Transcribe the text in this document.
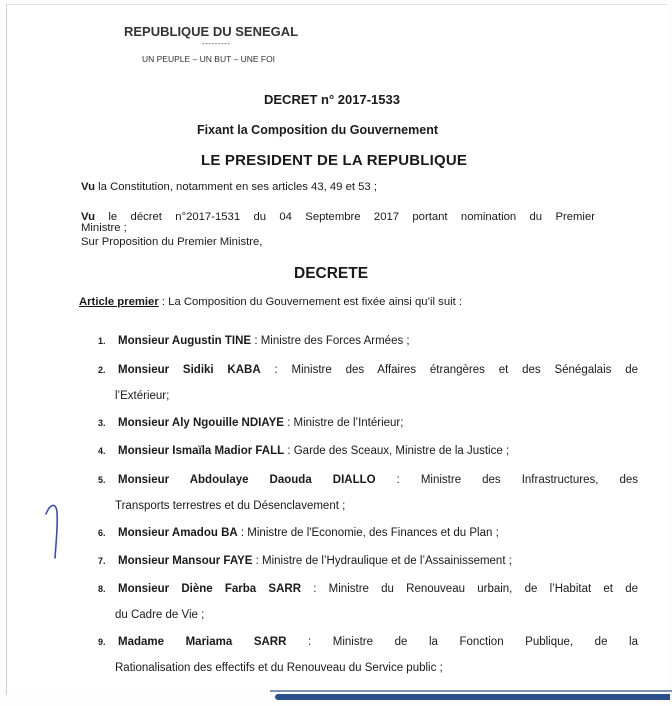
REPUBLIQUE DU SENEGAL
---------
UN PEUPLE – UN BUT – UNE FOI
DECRET n° 2017-1533
Fixant la Composition du Gouvernement
LE PRESIDENT DE LA REPUBLIQUE
Vu la Constitution, notamment en ses articles 43, 49 et 53 ;
Vu le décret n°2017-1531 du 04 Septembre 2017 portant nomination du Premier
Ministre ;
Sur Proposition du Premier Ministre,
DECRETE
Article premier : La Composition du Gouvernement est fixée ainsi qu’il suit :
1. Monsieur Augustin TINE : Ministre des Forces Armées ;
2. Monsieur Sidiki KABA : Ministre des Affaires étrangères et des Sénégalais de
l’Extérieur;
3. Monsieur Aly Ngouille NDIAYE : Ministre de l’Intérieur;
4. Monsieur Ismaïla Madior FALL : Garde des Sceaux, Ministre de la Justice ;
5. Monsieur Abdoulaye Daouda DIALLO : Ministre des Infrastructures, des
Transports terrestres et du Désenclavement ;
6. Monsieur Amadou BA : Ministre de l'Economie, des Finances et du Plan ;
7. Monsieur Mansour FAYE : Ministre de l’Hydraulique et de l’Assainissement ;
8. Monsieur Diène Farba SARR : Ministre du Renouveau urbain, de l’Habitat et de
du Cadre de Vie ;
9. Madame Mariama SARR : Ministre de la Fonction Publique, de la
Rationalisation des effectifs et du Renouveau du Service public ;
